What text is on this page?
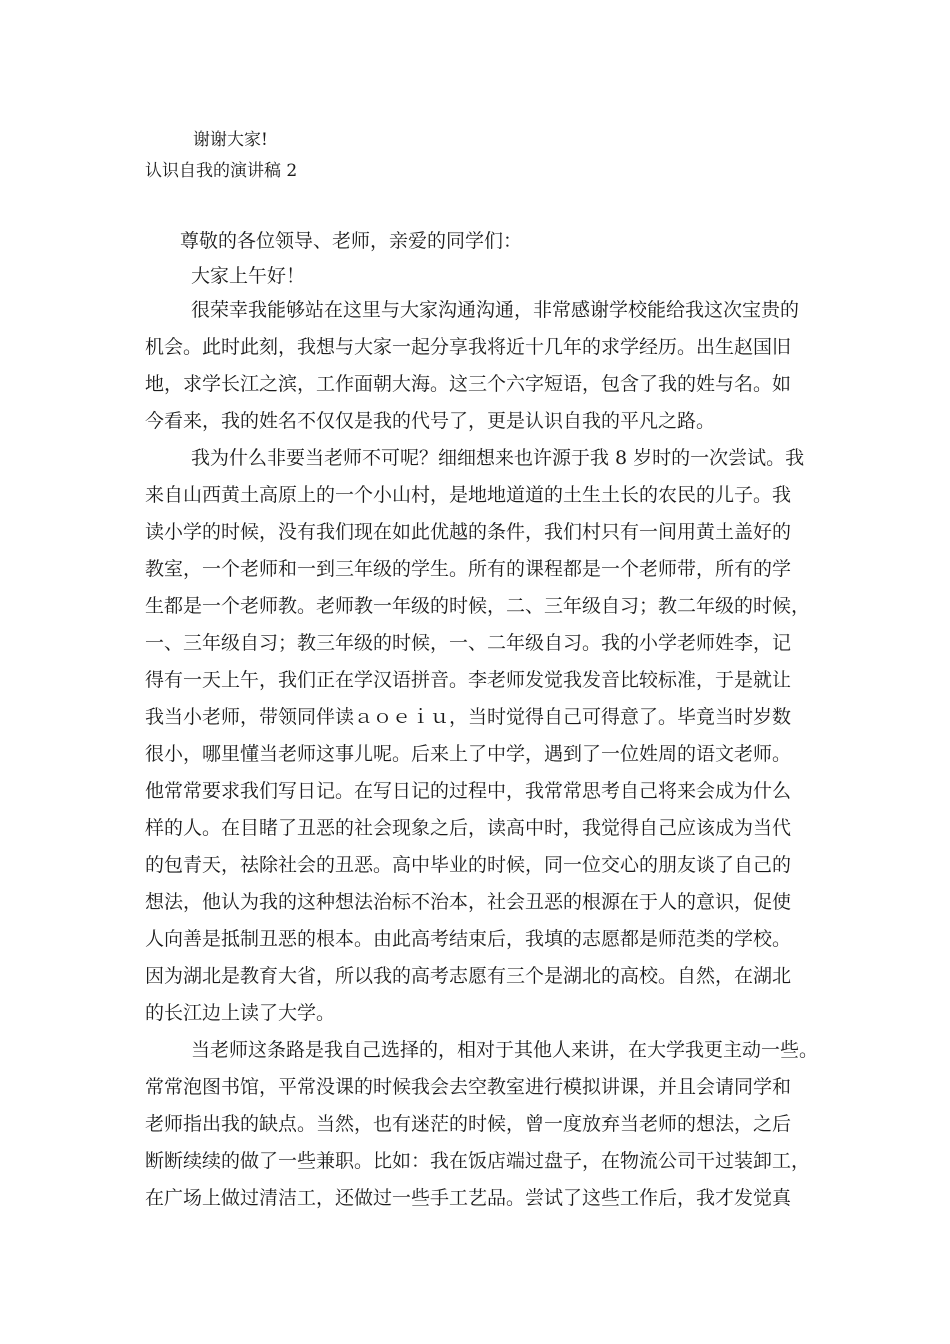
谢谢大家!
认识自我的演讲稿 2
尊敬的各位领导、老师，亲爱的同学们：
大家上午好！
很荣幸我能够站在这里与大家沟通沟通，非常感谢学校能给我这次宝贵的
机会。此时此刻，我想与大家一起分享我将近十几年的求学经历。出生赵国旧
地，求学长江之滨，工作面朝大海。这三个六字短语，包含了我的姓与名。如
今看来，我的姓名不仅仅是我的代号了，更是认识自我的平凡之路。
我为什么非要当老师不可呢？细细想来也许源于我 8 岁时的一次尝试。我
来自山西黄土高原上的一个小山村，是地地道道的土生土长的农民的儿子。我
读小学的时候，没有我们现在如此优越的条件，我们村只有一间用黄土盖好的
教室，一个老师和一到三年级的学生。所有的课程都是一个老师带，所有的学
生都是一个老师教。老师教一年级的时候，二、三年级自习；教二年级的时候，
一、三年级自习；教三年级的时候，一、二年级自习。我的小学老师姓李，记
得有一天上午，我们正在学汉语拼音。李老师发觉我发音比较标准，于是就让
我当小老师，带领同伴读ａｏｅｉｕ，当时觉得自己可得意了。毕竟当时岁数
很小，哪里懂当老师这事儿呢。后来上了中学，遇到了一位姓周的语文老师。
他常常要求我们写日记。在写日记的过程中，我常常思考自己将来会成为什么
样的人。在目睹了丑恶的社会现象之后，读高中时，我觉得自己应该成为当代
的包青天，祛除社会的丑恶。高中毕业的时候，同一位交心的朋友谈了自己的
想法，他认为我的这种想法治标不治本，社会丑恶的根源在于人的意识，促使
人向善是抵制丑恶的根本。由此高考结束后，我填的志愿都是师范类的学校。
因为湖北是教育大省，所以我的高考志愿有三个是湖北的高校。自然，在湖北
的长江边上读了大学。
当老师这条路是我自己选择的，相对于其他人来讲，在大学我更主动一些。
常常泡图书馆，平常没课的时候我会去空教室进行模拟讲课，并且会请同学和
老师指出我的缺点。当然，也有迷茫的时候，曾一度放弃当老师的想法，之后
断断续续的做了一些兼职。比如：我在饭店端过盘子，在物流公司干过装卸工，
在广场上做过清洁工，还做过一些手工艺品。尝试了这些工作后，我才发觉真
